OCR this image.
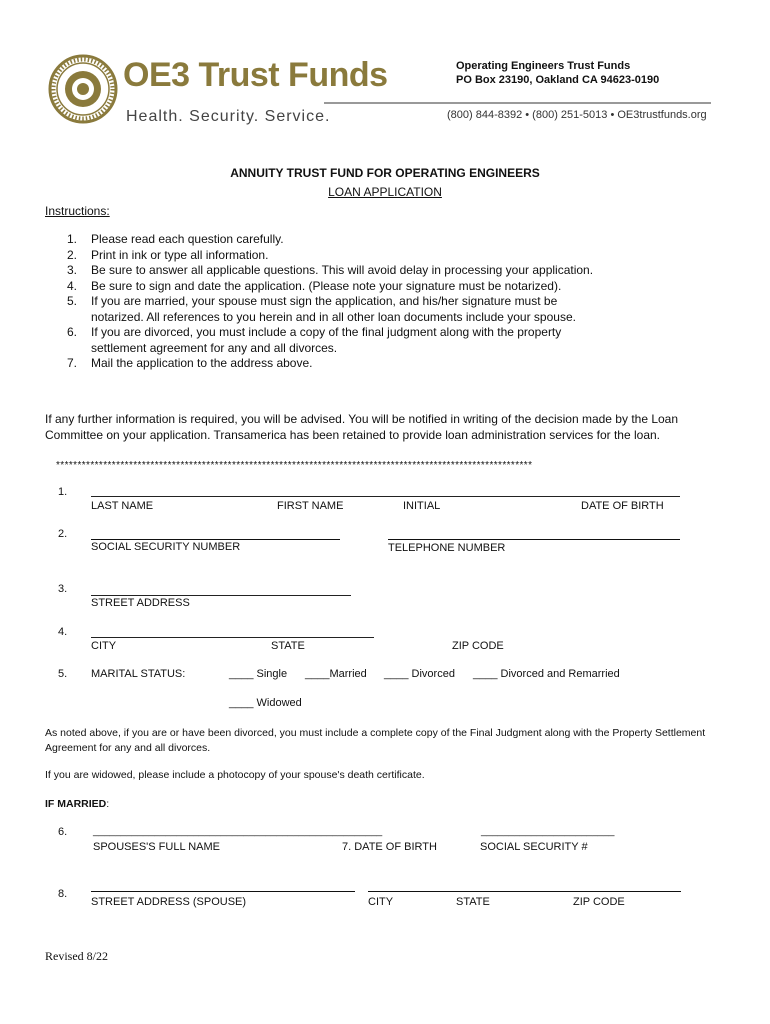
OE3 Trust Funds
Health. Security. Service.
Operating Engineers Trust Funds
PO Box 23190, Oakland CA 94623-0190
(800) 844-8392 • (800) 251-5013 • OE3trustfunds.org
ANNUITY TRUST FUND FOR OPERATING ENGINEERS
LOAN APPLICATION
Instructions:
1. Please read each question carefully.
2. Print in ink or type all information.
3. Be sure to answer all applicable questions. This will avoid delay in processing your application.
4. Be sure to sign and date the application. (Please note your signature must be notarized).
5. If you are married, your spouse must sign the application, and his/her signature must be notarized. All references to you herein and in all other loan documents include your spouse.
6. If you are divorced, you must include a copy of the final judgment along with the property settlement agreement for any and all divorces.
7. Mail the application to the address above.
If any further information is required, you will be advised. You will be notified in writing of the decision made by the Loan Committee on your application. Transamerica has been retained to provide loan administration services for the loan.
***************************************************************************************************************
1.
LAST NAME	FIRST NAME	INITIAL	DATE OF BIRTH
2.
SOCIAL SECURITY NUMBER	TELEPHONE NUMBER
3.
STREET ADDRESS
4.
CITY	STATE	ZIP CODE
5. MARITAL STATUS:	____ Single ____Married ____ Divorced ____ Divorced and Remarried
____ Widowed
As noted above, if you are or have been divorced, you must include a complete copy of the Final Judgment along with the Property Settlement Agreement for any and all divorces.
If you are widowed, please include a photocopy of your spouse's death certificate.
IF MARRIED:
6.	____________________________________________________	________________________
SPOUSES'S FULL NAME	7. DATE OF BIRTH	SOCIAL SECURITY #
8.
STREET ADDRESS (SPOUSE)	CITY	STATE	ZIP CODE
Revised 8/22
